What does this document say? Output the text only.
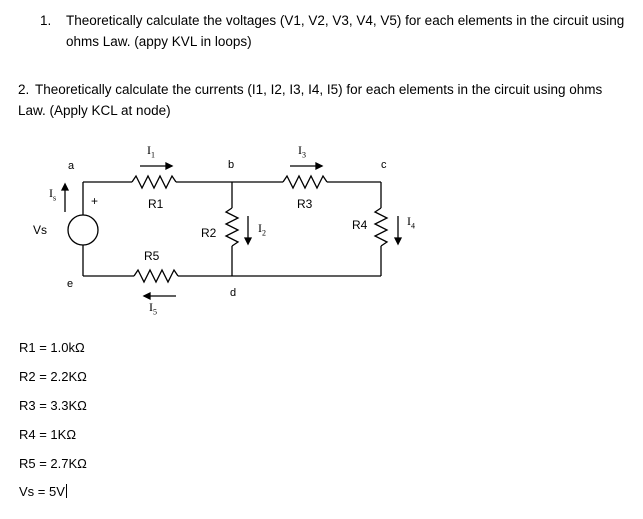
1. Theoretically calculate the voltages (V1, V2, V3, V4, V5) for each elements in the circuit using
ohms Law. (appy KVL in loops)
2. Theoretically calculate the currents (I1, I2, I3, I4, I5) for each elements in the circuit using ohms
Law. (Apply KCL at node)
a	b	c
d
e
R1	R3
R2
R4
R5
Vs
+
$I_s$
$I_1$	$I_3$
$I_2$
$I_4$
$I_5$
R1 = 1.0kΩ
R2 = 2.2KΩ
R3 = 3.3KΩ
R4 = 1KΩ
R5 = 2.7KΩ
Vs = 5V
